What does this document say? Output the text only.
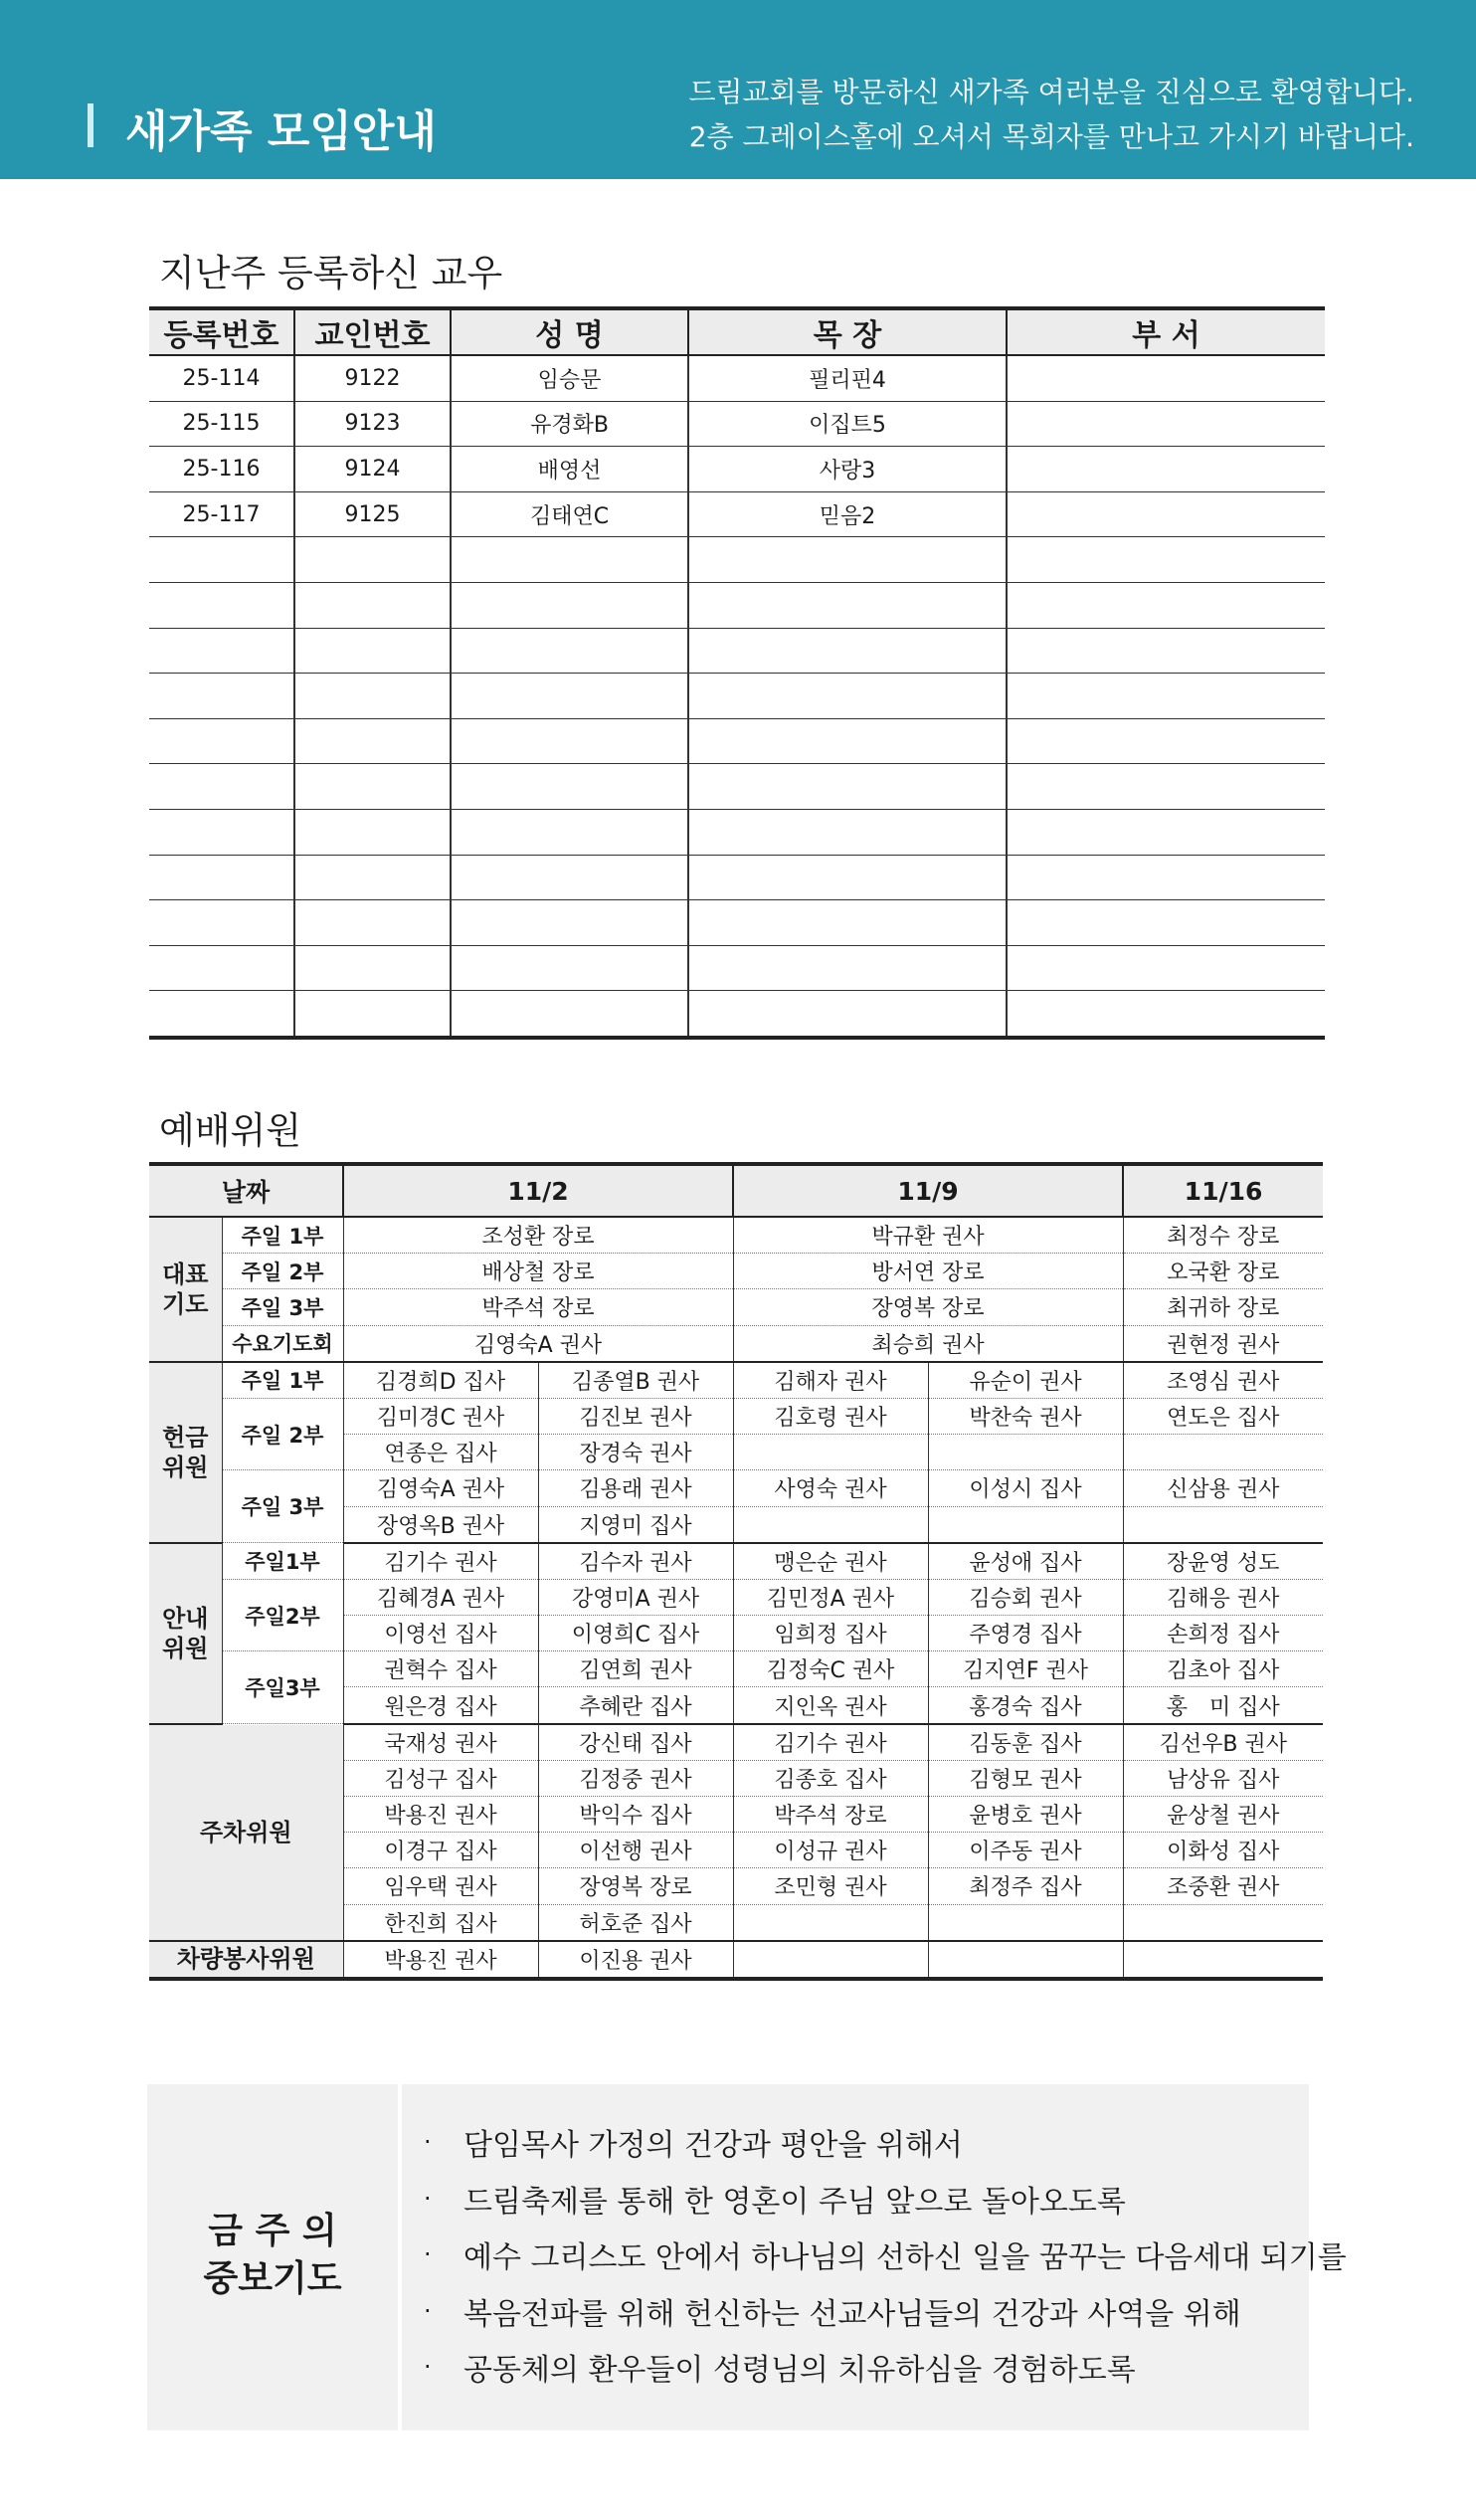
새가족 모임안내
드림교회를 방문하신 새가족 여러분을 진심으로 환영합니다.
2층 그레이스홀에 오셔서 목회자를 만나고 가시기 바랍니다.
지난주 등록하신 교우
등록번호	교인번호	성 명	목 장	부 서
25-114	9122	임승문	필리핀4	
25-115	9123	유경화B	이집트5	
25-116	9124	배영선	사랑3	
25-117	9125	김태연C	믿음2	

예배위원
날짜		11/2		11/9		11/16
대표
기도	주일 1부	조성환 장로		박규환 권사		최정수 장로
	주일 2부	배상철 장로		방서연 장로		오국환 장로
	주일 3부	박주석 장로		장영복 장로		최귀하 장로
	수요기도회	김영숙A 권사		최승희 권사		권현정 권사
헌금
위원	주일 1부	김경희D 집사	김종열B 권사	김해자 권사	유순이 권사	조영심 권사
	주일 2부	김미경C 권사	김진보 권사	김호령 권사	박찬숙 권사	연도은 집사
		연종은 집사	장경숙 권사			
	주일 3부	김영숙A 권사	김용래 권사	사영숙 권사	이성시 집사	신삼용 권사
		장영옥B 권사	지영미 집사			
안내
위원	주일1부	김기수 권사	김수자 권사	맹은순 권사	윤성애 집사	장윤영 성도
	주일2부	김혜경A 권사	강영미A 권사	김민정A 권사	김승회 권사	김해응 권사
		이영선 집사	이영희C 집사	임희정 집사	주영경 집사	손희정 집사
	주일3부	권혁수 집사	김연희 권사	김정숙C 권사	김지연F 권사	김초아 집사
		원은경 집사	추혜란 집사	지인옥 권사	홍경숙 집사	홍　미 집사
주차위원		국재성 권사	강신태 집사	김기수 권사	김동훈 집사	김선우B 권사
		김성구 집사	김정중 권사	김종호 집사	김형모 권사	남상유 집사
		박용진 권사	박익수 집사	박주석 장로	윤병호 권사	윤상철 권사
		이경구 집사	이선행 권사	이성규 권사	이주동 권사	이화성 집사
		임우택 권사	장영복 장로	조민형 권사	최정주 집사	조중환 권사
		한진희 집사	허호준 집사			
차량봉사위원		박용진 권사	이진용 권사			
금 주 의
중보기도
·	담임목사 가정의 건강과 평안을 위해서
·	드림축제를 통해 한 영혼이 주님 앞으로 돌아오도록
·	예수 그리스도 안에서 하나님의 선하신 일을 꿈꾸는 다음세대 되기를
·	복음전파를 위해 헌신하는 선교사님들의 건강과 사역을 위해
·	공동체의 환우들이 성령님의 치유하심을 경험하도록
